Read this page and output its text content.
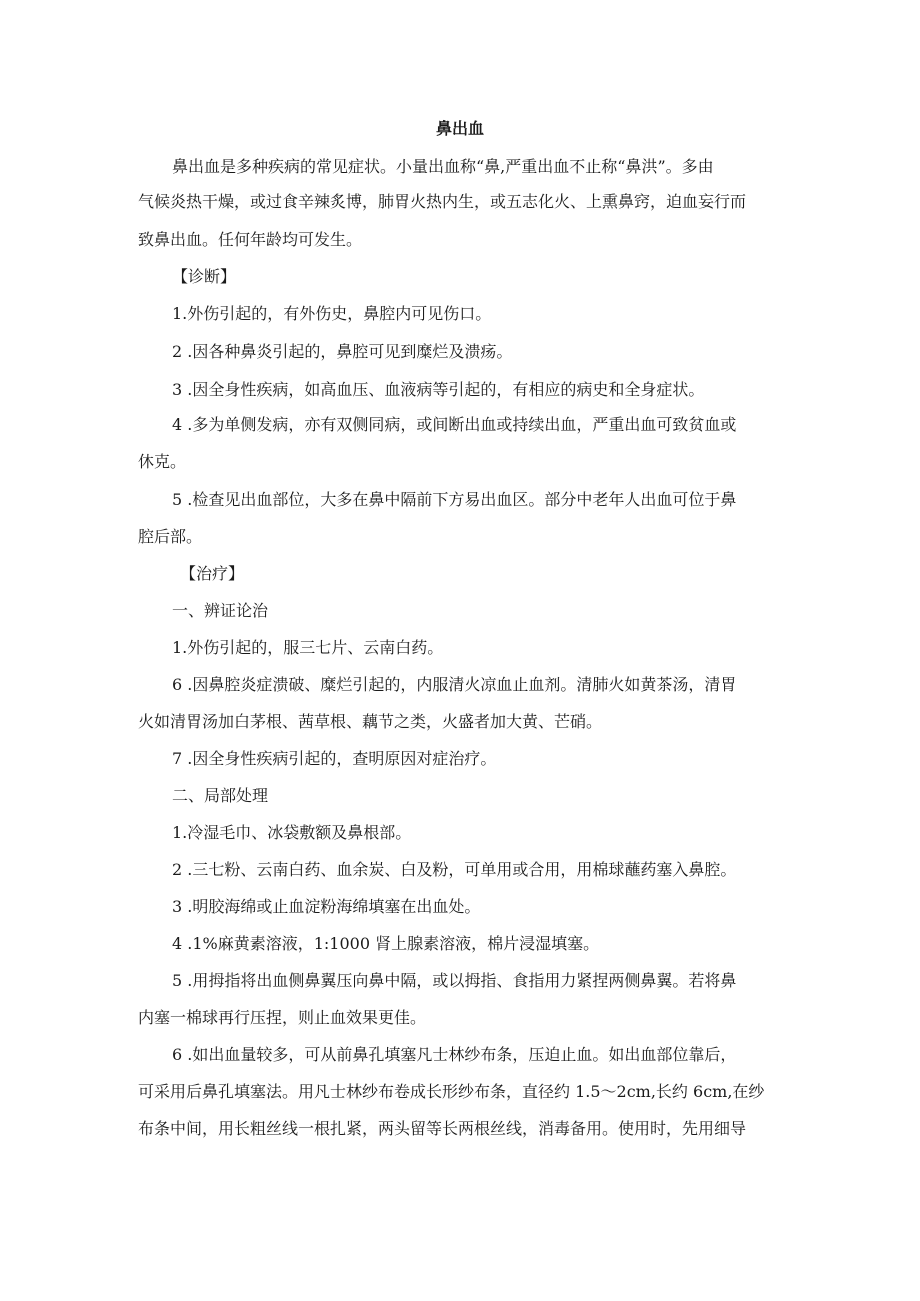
鼻出血
鼻出血是多种疾病的常见症状。小量出血称“鼻,严重出血不止称“鼻洪”。多由
气候炎热干燥，或过食辛辣炙博，肺胃火热内生，或五志化火、上熏鼻窍，迫血妄行而
致鼻出血。任何年龄均可发生。
【诊断】
1.外伤引起的，有外伤史，鼻腔内可见伤口。
2 .因各种鼻炎引起的，鼻腔可见到糜烂及溃疡。
3 .因全身性疾病，如高血压、血液病等引起的，有相应的病史和全身症状。
4 .多为单侧发病，亦有双侧同病，或间断出血或持续出血，严重出血可致贫血或
休克。
5 .检查见出血部位，大多在鼻中隔前下方易出血区。部分中老年人出血可位于鼻
腔后部。
【治疗】
一、辨证论治
1.外伤引起的，服三七片、云南白药。
6 .因鼻腔炎症溃破、糜烂引起的，内服清火凉血止血剂。清肺火如黄茶汤，清胃
火如清胃汤加白茅根、茜草根、藕节之类，火盛者加大黄、芒硝。
7 .因全身性疾病引起的，查明原因对症治疗。
二、局部处理
1.冷湿毛巾、冰袋敷额及鼻根部。
2 .三七粉、云南白药、血余炭、白及粉，可单用或合用，用棉球蘸药塞入鼻腔。
3 .明胶海绵或止血淀粉海绵填塞在出血处。
4 .1%麻黄素溶液，1:1000 肾上腺素溶液，棉片浸湿填塞。
5 .用拇指将出血侧鼻翼压向鼻中隔，或以拇指、食指用力紧捏两侧鼻翼。若将鼻
内塞一棉球再行压捏，则止血效果更佳。
6 .如出血量较多，可从前鼻孔填塞凡士林纱布条，压迫止血。如出血部位靠后，
可采用后鼻孔填塞法。用凡士林纱布卷成长形纱布条，直径约 1.5～2cm,长约 6cm,在纱
布条中间，用长粗丝线一根扎紧，两头留等长两根丝线，消毒备用。使用时，先用细导
